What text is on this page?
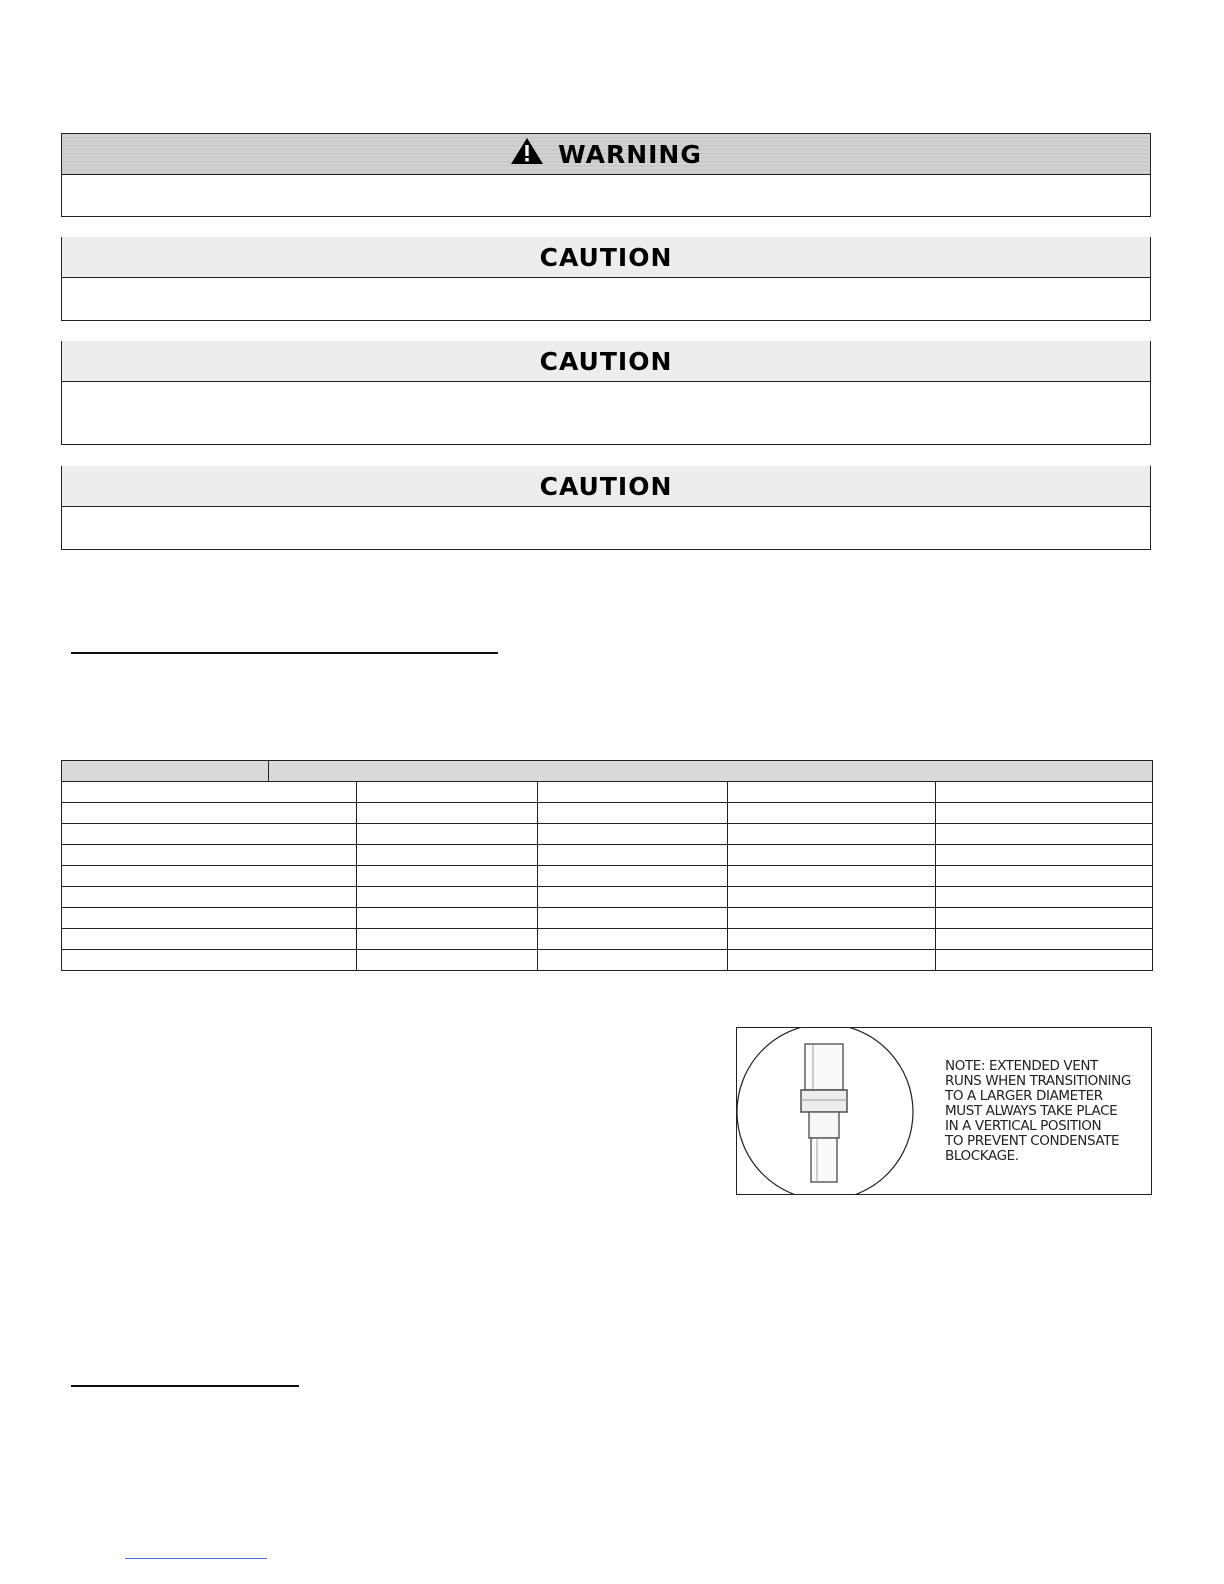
WARNING
CAUTION
CAUTION
CAUTION

NOTE: EXTENDED VENT
RUNS WHEN TRANSITIONING
TO A LARGER DIAMETER
MUST ALWAYS TAKE PLACE
IN A VERTICAL POSITION
TO PREVENT CONDENSATE
BLOCKAGE.
